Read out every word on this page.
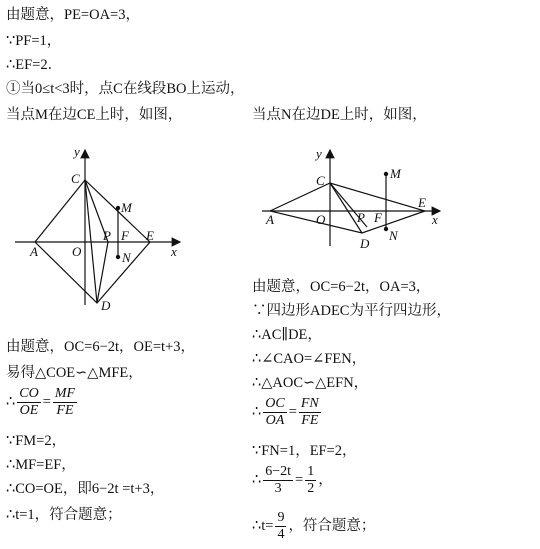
由题意，PE=OA=3，
∵PF=1，
∴EF=2．
①当0≤t<3时，点C在线段BO上运动，
当点M在边CE上时，如图，
由题意，OC=6−2t，OE=t+3，
易得△COE∽△MFE，
∴ $\frac{CO}{OE} = \frac{MF}{FE}$
∵FM=2，
∴MF=EF，
∴CO=OE，即6−2t =t+3，
∴t=1，符合题意；
当点N在边DE上时，如图，
由题意，OC=6−2t，OA=3，
∵四边形ADEC为平行四边形，
∴AC∥DE，
∴∠CAO=∠FEN，
∴△AOC∽△EFN，
∴ $\frac{OC}{OA} = \frac{FN}{FE}$
∵FN=1，EF=2，
∴ $\frac{6-2t}{3} = \frac{1}{2}$ ，
∴t= $\frac{9}{4}$ ，符合题意；
y
x
C
M
A	O
P F E
N
D
y
x
M
C
E
A	O P F
D
N
